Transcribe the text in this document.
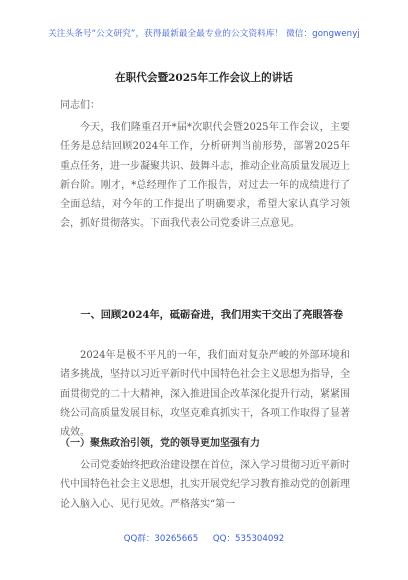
关注头条号“公文研究”，获得最新最全最专业的公文资料库！ 微信：gongwenyj
在职代会暨2025年工作会议上的讲话
同志们：

今天，我们隆重召开*届*次职代会暨2025年工作会议，主要任务是总结回顾2024年工作，分析研判当前形势，部署2025年重点任务，进一步凝聚共识、鼓舞斗志，推动企业高质量发展迈上新台阶。刚才，*总经理作了工作报告，对过去一年的成绩进行了全面总结，对今年的工作提出了明确要求，希望大家认真学习领会，抓好贯彻落实。下面我代表公司党委讲三点意见。

一、回顾2024年，砥砺奋进，我们用实干交出了亮眼答卷

2024年是极不平凡的一年，我们面对复杂严峻的外部环境和诸多挑战，坚持以习近平新时代中国特色社会主义思想为指导，全面贯彻党的二十大精神，深入推进国企改革深化提升行动，紧紧围绕公司高质量发展目标，攻坚克难真抓实干，各项工作取得了显著成效。

（一）聚焦政治引领，党的领导更加坚强有力

公司党委始终把政治建设摆在首位，深入学习贯彻习近平新时代中国特色社会主义思想，扎实开展党纪学习教育推动党的创新理论入脑入心、见行见效。严格落实“第一

QQ群：30265665 QQ：535304092
